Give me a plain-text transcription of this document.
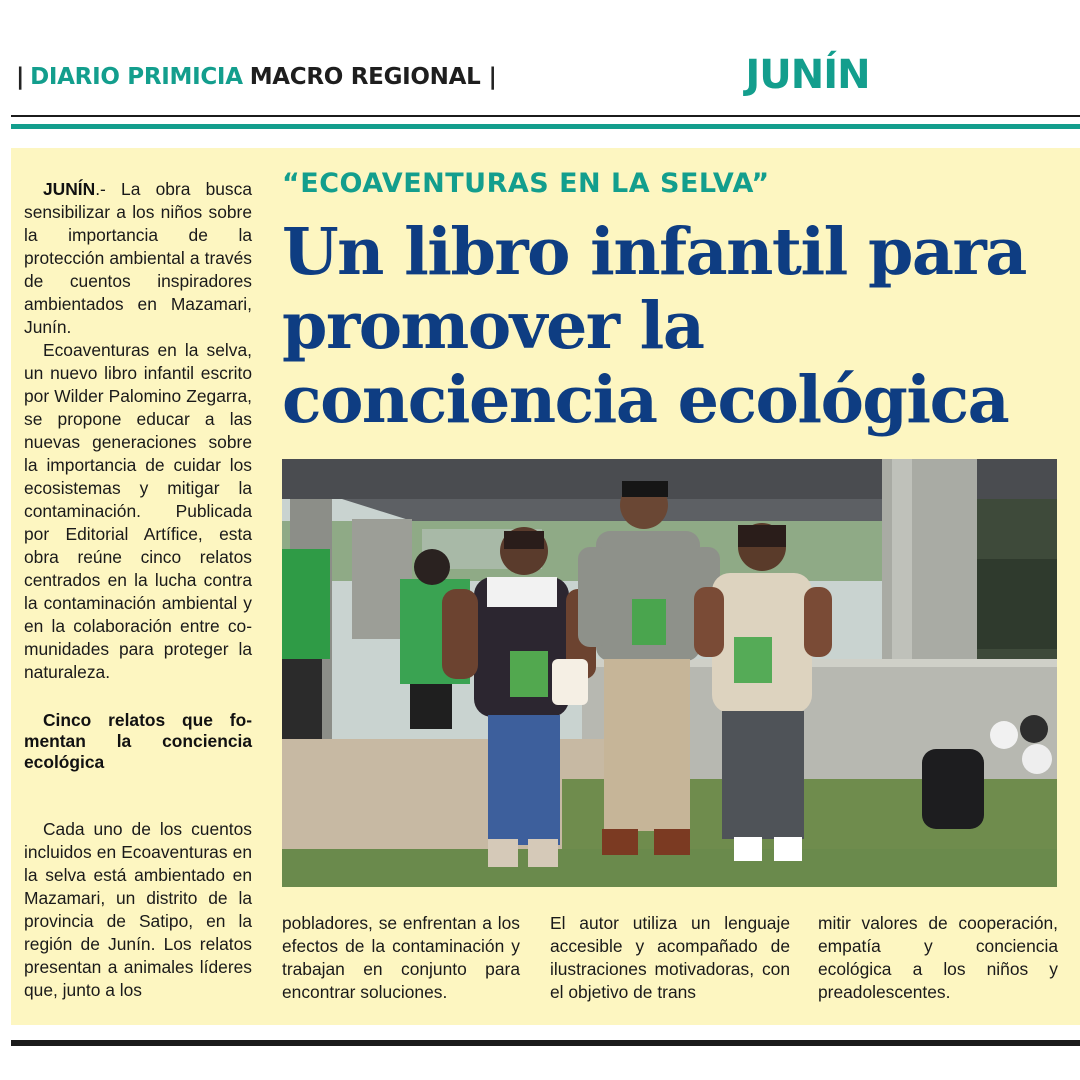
| DIARIO PRIMICIA MACRO REGIONAL |	JUNÍN
“ECOAVENTURAS EN LA SELVA”
Un libro infantil para promover la conciencia ecológica

JUNÍN.- La obra busca sensibilizar a los niños sobre la importancia de la protección ambiental a través de cuentos inspiradores ambientados en Mazamari, Junín.

Ecoaventuras en la selva, un nuevo libro infantil escrito por Wilder Palomino Zegarra, se propone educar a las nuevas generaciones sobre la importancia de cuidar los ecosistemas y mitigar la contaminación. Publicada por Editorial Artífice, esta obra reúne cinco relatos centrados en la lucha contra la contaminación ambiental y en la colaboración entre comunidades para proteger la naturaleza.

Cinco relatos que fomentan la conciencia ecológica

Cada uno de los cuentos incluidos en Ecoaventuras en la selva está ambientado en Mazamari, un distrito de la provincia de Satipo, en la región de Junín. Los relatos presentan a animales líderes que, junto a los

pobladores, se enfrentan a los efectos de la contaminación y trabajan en conjunto para encontrar soluciones.

El autor utiliza un lenguaje accesible y acompañado de ilustraciones motivadoras, con el objetivo de trans

mitir valores de cooperación, empatía y conciencia ecológica a los niños y preadolescentes.
